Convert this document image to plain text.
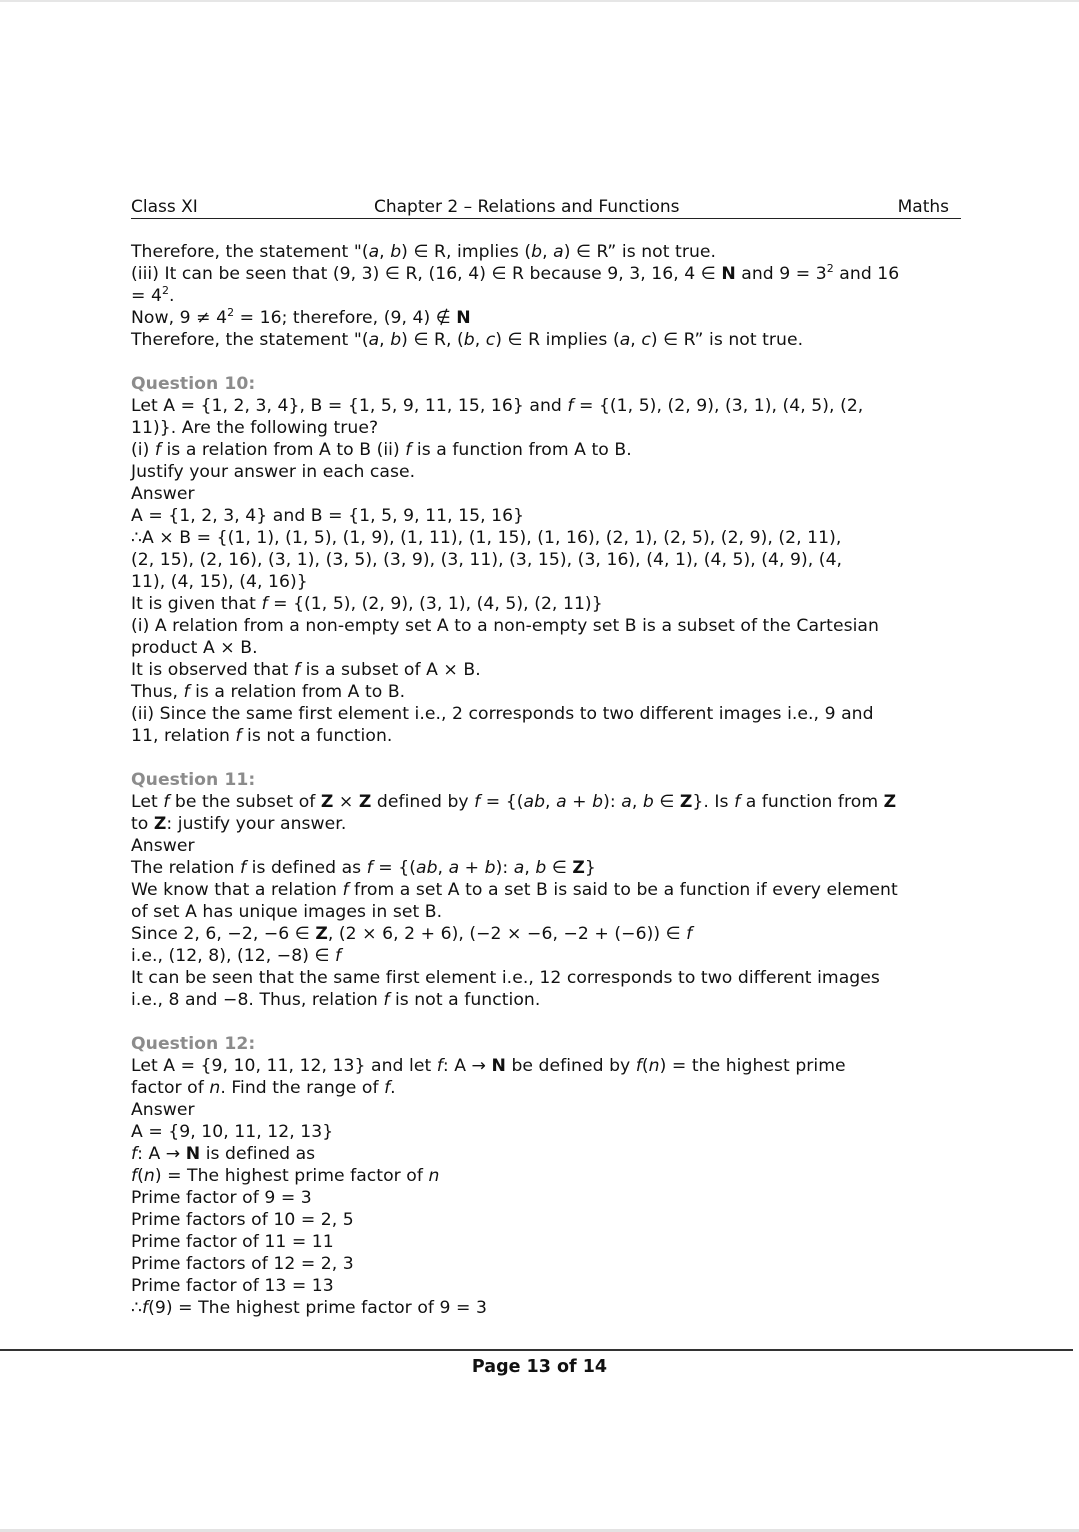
Class XI	Chapter 2 – Relations and Functions	Maths
Therefore, the statement "(a, b) ∈ R, implies (b, a) ∈ R” is not true.
(iii) It can be seen that (9, 3) ∈ R, (16, 4) ∈ R because 9, 3, 16, 4 ∈ N and $9 = 3^2$ and 16
= $4^2$.
Now, $9 \ne 4^2 = 16$; therefore, (9, 4) ∉ N
Therefore, the statement "(a, b) ∈ R, (b, c) ∈ R implies (a, c) ∈ R” is not true.
Question 10:
Let A = {1, 2, 3, 4}, B = {1, 5, 9, 11, 15, 16} and f = {(1, 5), (2, 9), (3, 1), (4, 5), (2,
11)}. Are the following true?
(i) f is a relation from A to B (ii) f is a function from A to B.
Justify your answer in each case.
Answer
A = {1, 2, 3, 4} and B = {1, 5, 9, 11, 15, 16}
∴A × B = {(1, 1), (1, 5), (1, 9), (1, 11), (1, 15), (1, 16), (2, 1), (2, 5), (2, 9), (2, 11),
(2, 15), (2, 16), (3, 1), (3, 5), (3, 9), (3, 11), (3, 15), (3, 16), (4, 1), (4, 5), (4, 9), (4,
11), (4, 15), (4, 16)}
It is given that f = {(1, 5), (2, 9), (3, 1), (4, 5), (2, 11)}
(i) A relation from a non-empty set A to a non-empty set B is a subset of the Cartesian
product A × B.
It is observed that f is a subset of A × B.
Thus, f is a relation from A to B.
(ii) Since the same first element i.e., 2 corresponds to two different images i.e., 9 and
11, relation f is not a function.
Question 11:
Let f be the subset of Z × Z defined by f = {(ab, a + b): a, b ∈ Z}. Is f a function from Z
to Z: justify your answer.
Answer
The relation f is defined as f = {(ab, a + b): a, b ∈ Z}
We know that a relation f from a set A to a set B is said to be a function if every element
of set A has unique images in set B.
Since 2, 6, −2, −6 ∈ Z, (2 × 6, 2 + 6), (−2 × −6, −2 + (−6)) ∈ f
i.e., (12, 8), (12, −8) ∈ f
It can be seen that the same first element i.e., 12 corresponds to two different images
i.e., 8 and −8. Thus, relation f is not a function.
Question 12:
Let A = {9, 10, 11, 12, 13} and let f: A → N be defined by f(n) = the highest prime
factor of n. Find the range of f.
Answer
A = {9, 10, 11, 12, 13}
f: A → N is defined as
f(n) = The highest prime factor of n
Prime factor of 9 = 3
Prime factors of 10 = 2, 5
Prime factor of 11 = 11
Prime factors of 12 = 2, 3
Prime factor of 13 = 13
∴f(9) = The highest prime factor of 9 = 3
Page 13 of 14
